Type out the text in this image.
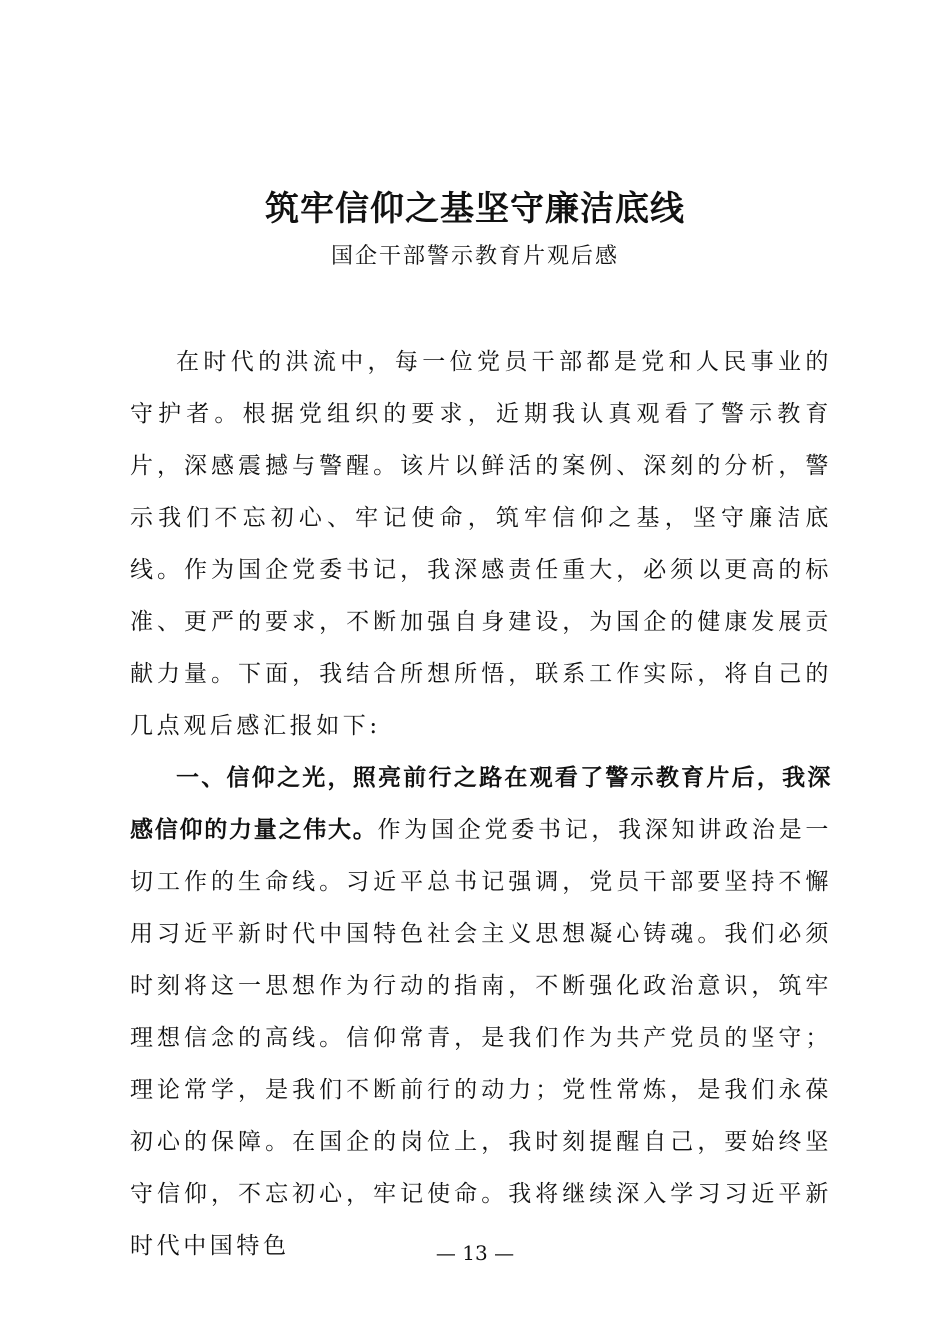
筑牢信仰之基坚守廉洁底线

国企干部警示教育片观后感

在时代的洪流中，每一位党员干部都是党和人民事业的守护者。根据党组织的要求，近期我认真观看了警示教育片，深感震撼与警醒。该片以鲜活的案例、深刻的分析，警示我们不忘初心、牢记使命，筑牢信仰之基，坚守廉洁底线。作为国企党委书记，我深感责任重大，必须以更高的标准、更严的要求，不断加强自身建设，为国企的健康发展贡献力量。下面，我结合所想所悟，联系工作实际，将自己的几点观后感汇报如下:

一、信仰之光，照亮前行之路在观看了警示教育片后，我深感信仰的力量之伟大。作为国企党委书记，我深知讲政治是一切工作的生命线。习近平总书记强调，党员干部要坚持不懈用习近平新时代中国特色社会主义思想凝心铸魂。我们必须时刻将这一思想作为行动的指南，不断强化政治意识，筑牢理想信念的高线。信仰常青，是我们作为共产党员的坚守；理论常学，是我们不断前行的动力；党性常炼，是我们永葆初心的保障。在国企的岗位上，我时刻提醒自己，要始终坚守信仰，不忘初心，牢记使命。我将继续深入学习习近平新时代中国特色	— 13 —
